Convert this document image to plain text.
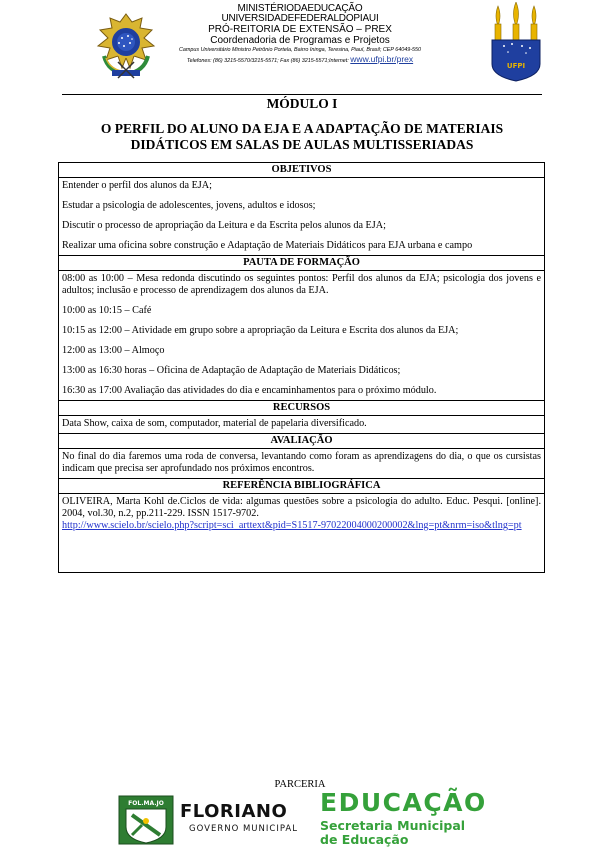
MINISTÉRIODAEDUCAÇÃO
UNIVERSIDADEFEDERALDOPIAUI
PRÓ-REITORIA DE EXTENSÃO – PREX
Coordenadoria de Programas e Projetos
Campus Universitário Ministro Petrônio Portela, Bairro Ininga, Teresina, Piauí, Brasil; CEP 64049-550
Telefones: (86) 3215-5570/3215-5571; Fax (86) 3215-5571;Internet: www.ufpi.br/prex
UFPI
MÓDULO I
O PERFIL DO ALUNO DA EJA E A ADAPTAÇÃO DE MATERIAIS
DIDÁTICOS EM SALAS DE AULAS MULTISSERIADAS
OBJETIVOS

Entender o perfil dos alunos da EJA;

Estudar a psicologia de adolescentes, jovens, adultos e idosos;

Discutir o processo de apropriação da Leitura e da Escrita pelos alunos da EJA;

Realizar uma oficina sobre construção e Adaptação de Materiais Didáticos para EJA urbana e campo

PAUTA DE FORMAÇÃO

08:00 as 10:00 – Mesa redonda discutindo os seguintes pontos: Perfil dos alunos da EJA; psicologia dos jovens e adultos; inclusão e processo de aprendizagem dos alunos da EJA.

10:00 as 10:15 – Café

10:15 as 12:00 – Atividade em grupo sobre a apropriação da Leitura e Escrita dos alunos da EJA;

12:00 as 13:00 – Almoço

13:00 as 16:30 horas – Oficina de Adaptação de Adaptação de Materiais Didáticos;

16:30 as 17:00 Avaliação das atividades do dia e encaminhamentos para o próximo módulo.

RECURSOS

Data Show, caixa de som, computador, material de papelaria diversificado.

AVALIAÇÃO

No final do dia faremos uma roda de conversa, levantando como foram as aprendizagens do dia, o que os cursistas indicam que precisa ser aprofundado nos próximos encontros.

REFERÊNCIA BIBLIOGRÁFICA

OLIVEIRA, Marta Kohl de.Ciclos de vida: algumas questões sobre a psicologia do adulto. Educ. Pesqui. [online]. 2004, vol.30, n.2, pp.211-229. ISSN 1517-9702.

http://www.scielo.br/scielo.php?script=sci_arttext&pid=S1517-97022004000200002&lng=pt&nrm=iso&tlng=pt

PARCERIA
FOL.MA.JO FLORIANO
GOVERNO MUNICIPAL
EDUCAÇÃO
Secretaria Municipal
de Educação
